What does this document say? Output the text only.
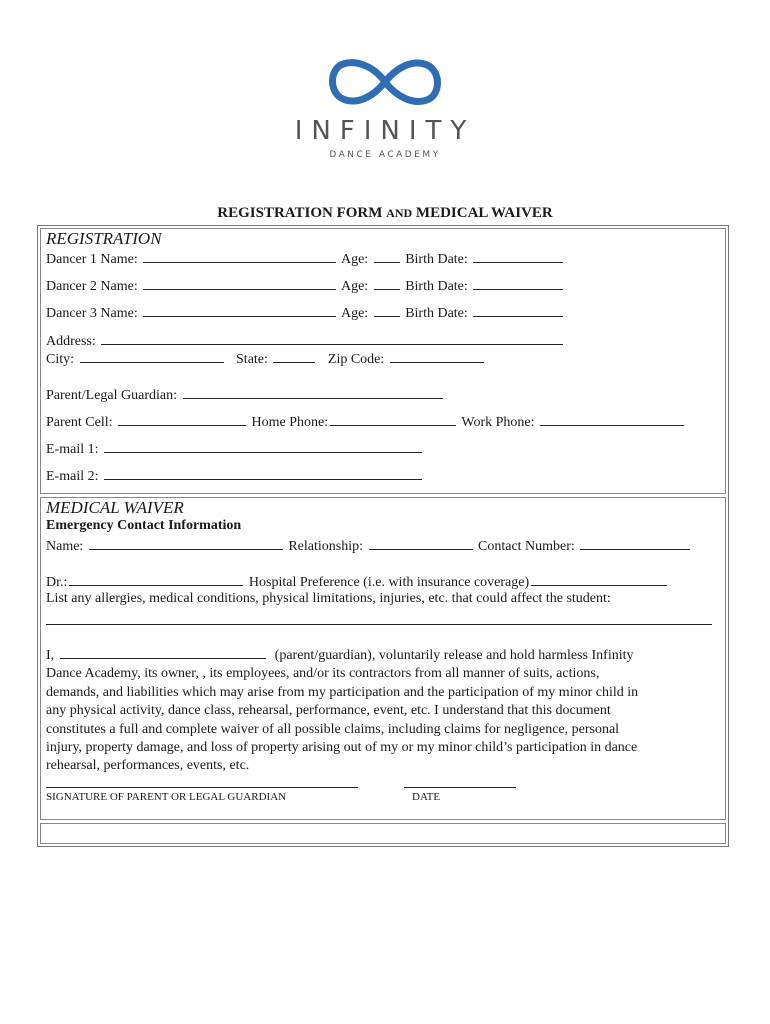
INFINITY
DANCE ACADEMY
REGISTRATION FORM AND MEDICAL WAIVER
REGISTRATION
Dancer 1 Name:	Age:	Birth Date:
Dancer 2 Name:	Age:	Birth Date:
Dancer 3 Name:	Age:	Birth Date:
Address:
City:	State:	Zip Code:
Parent/Legal Guardian:
Parent Cell:	Home Phone:	Work Phone:
E-mail 1:
E-mail 2:
MEDICAL WAIVER
Emergency Contact Information
Name:	Relationship:	Contact Number:
Dr.:	Hospital Preference (i.e. with insurance coverage)
List any allergies, medical conditions, physical limitations, injuries, etc. that could affect the student:
I,	(parent/guardian), voluntarily release and hold harmless Infinity
Dance Academy, its owner, , its employees, and/or its contractors from all manner of suits, actions,
demands, and liabilities which may arise from my participation and the participation of my minor child in
any physical activity, dance class, rehearsal, performance, event, etc. I understand that this document
constitutes a full and complete waiver of all possible claims, including claims for negligence, personal
injury, property damage, and loss of property arising out of my or my minor child’s participation in dance
rehearsal, performances, events, etc.
SIGNATURE OF PARENT OR LEGAL GUARDIAN	DATE
